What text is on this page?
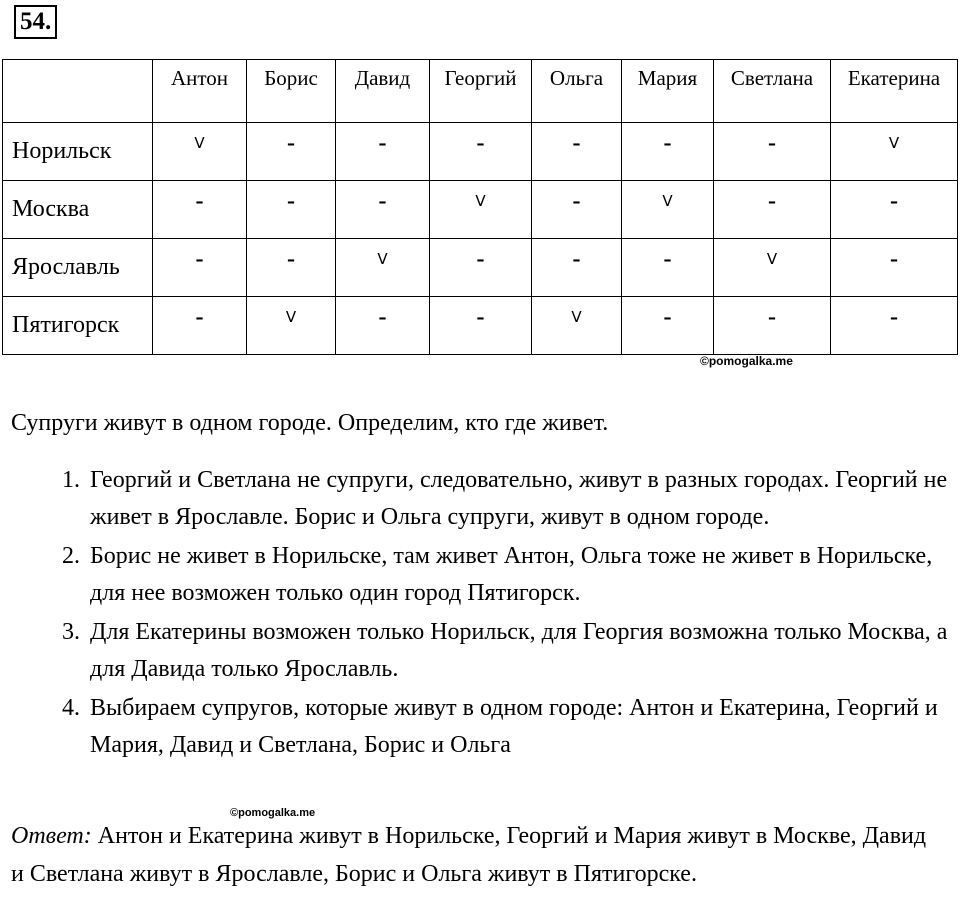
54.
	Антон	Борис	Давид	Георгий	Ольга	Мария	Светлана	Екатерина
Норильск	V	-	-	-	-	-	-	V
Москва	-	-	-	V	-	V	-	-
Ярославль	-	-	V	-	-	-	V	-
Пятигорск	-	V	-	-	V	-	-	-
©pomogalka.me

Супруги живут в одном городе. Определим, кто где живет.

1. Георгий и Светлана не супруги, следовательно, живут в разных городах. Георгий не живет в Ярославле. Борис и Ольга супруги, живут в одном городе.
2. Борис не живет в Норильске, там живет Антон, Ольга тоже не живет в Норильске, для нее возможен только один город Пятигорск.
3. Для Екатерины возможен только Норильск, для Георгия возможна только Москва, а для Давида только Ярославль.
4. Выбираем супругов, которые живут в одном городе: Антон и Екатерина, Георгий и Мария, Давид и Светлана, Борис и Ольга
©pomogalka.me

Ответ: Антон и Екатерина живут в Норильске, Георгий и Мария живут в Москве, Давид и Светлана живут в Ярославле, Борис и Ольга живут в Пятигорске.
